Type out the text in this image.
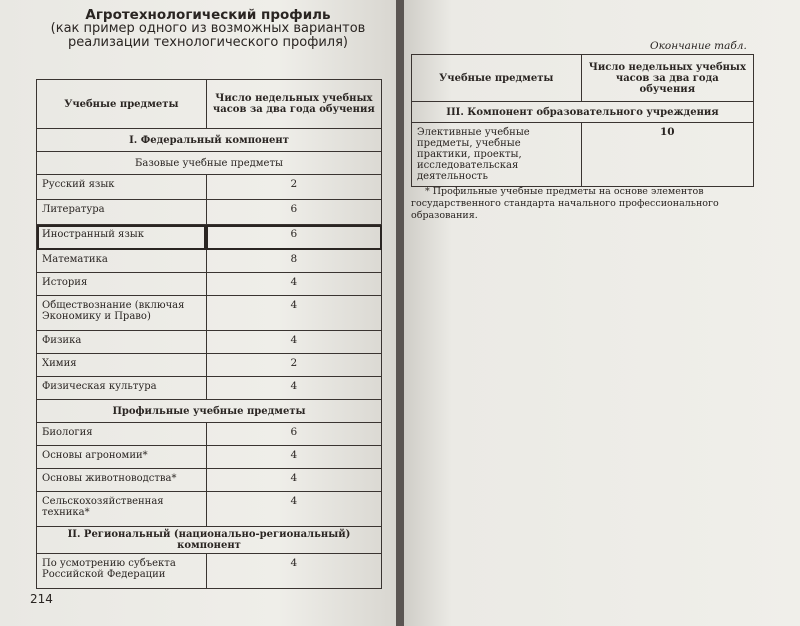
Агротехнологический профиль
(как пример одного из возможных вариантов
реализации технологического профиля)
Учебные предметы	Число недельных учебных часов за два года обучения
I. Федеральный компонент	
Базовые учебные предметы	
Русский язык	2
Литература	6
Иностранный язык	6
Математика	8
История	4
Обществознание (включая Экономику и Право)	4
Физика	4
Химия	2
Физическая культура	4
Профильные учебные предметы	
Биология	6
Основы агрономии*	4
Основы животноводства*	4
Сельскохозяйственная техника*	4
II. Региональный (национально-региональный) компонент	
По усмотрению субъекта Российской Федерации	4
214
Окончание табл.
Учебные предметы	Число недельных учебных часов за два года обучения
III. Компонент образовательного учреждения	
Элективные учебные предметы, учебные практики, проекты, исследовательская деятельность	10
* Профильные учебные предметы на основе элементов государственного стандарта начального профессионального образования.
